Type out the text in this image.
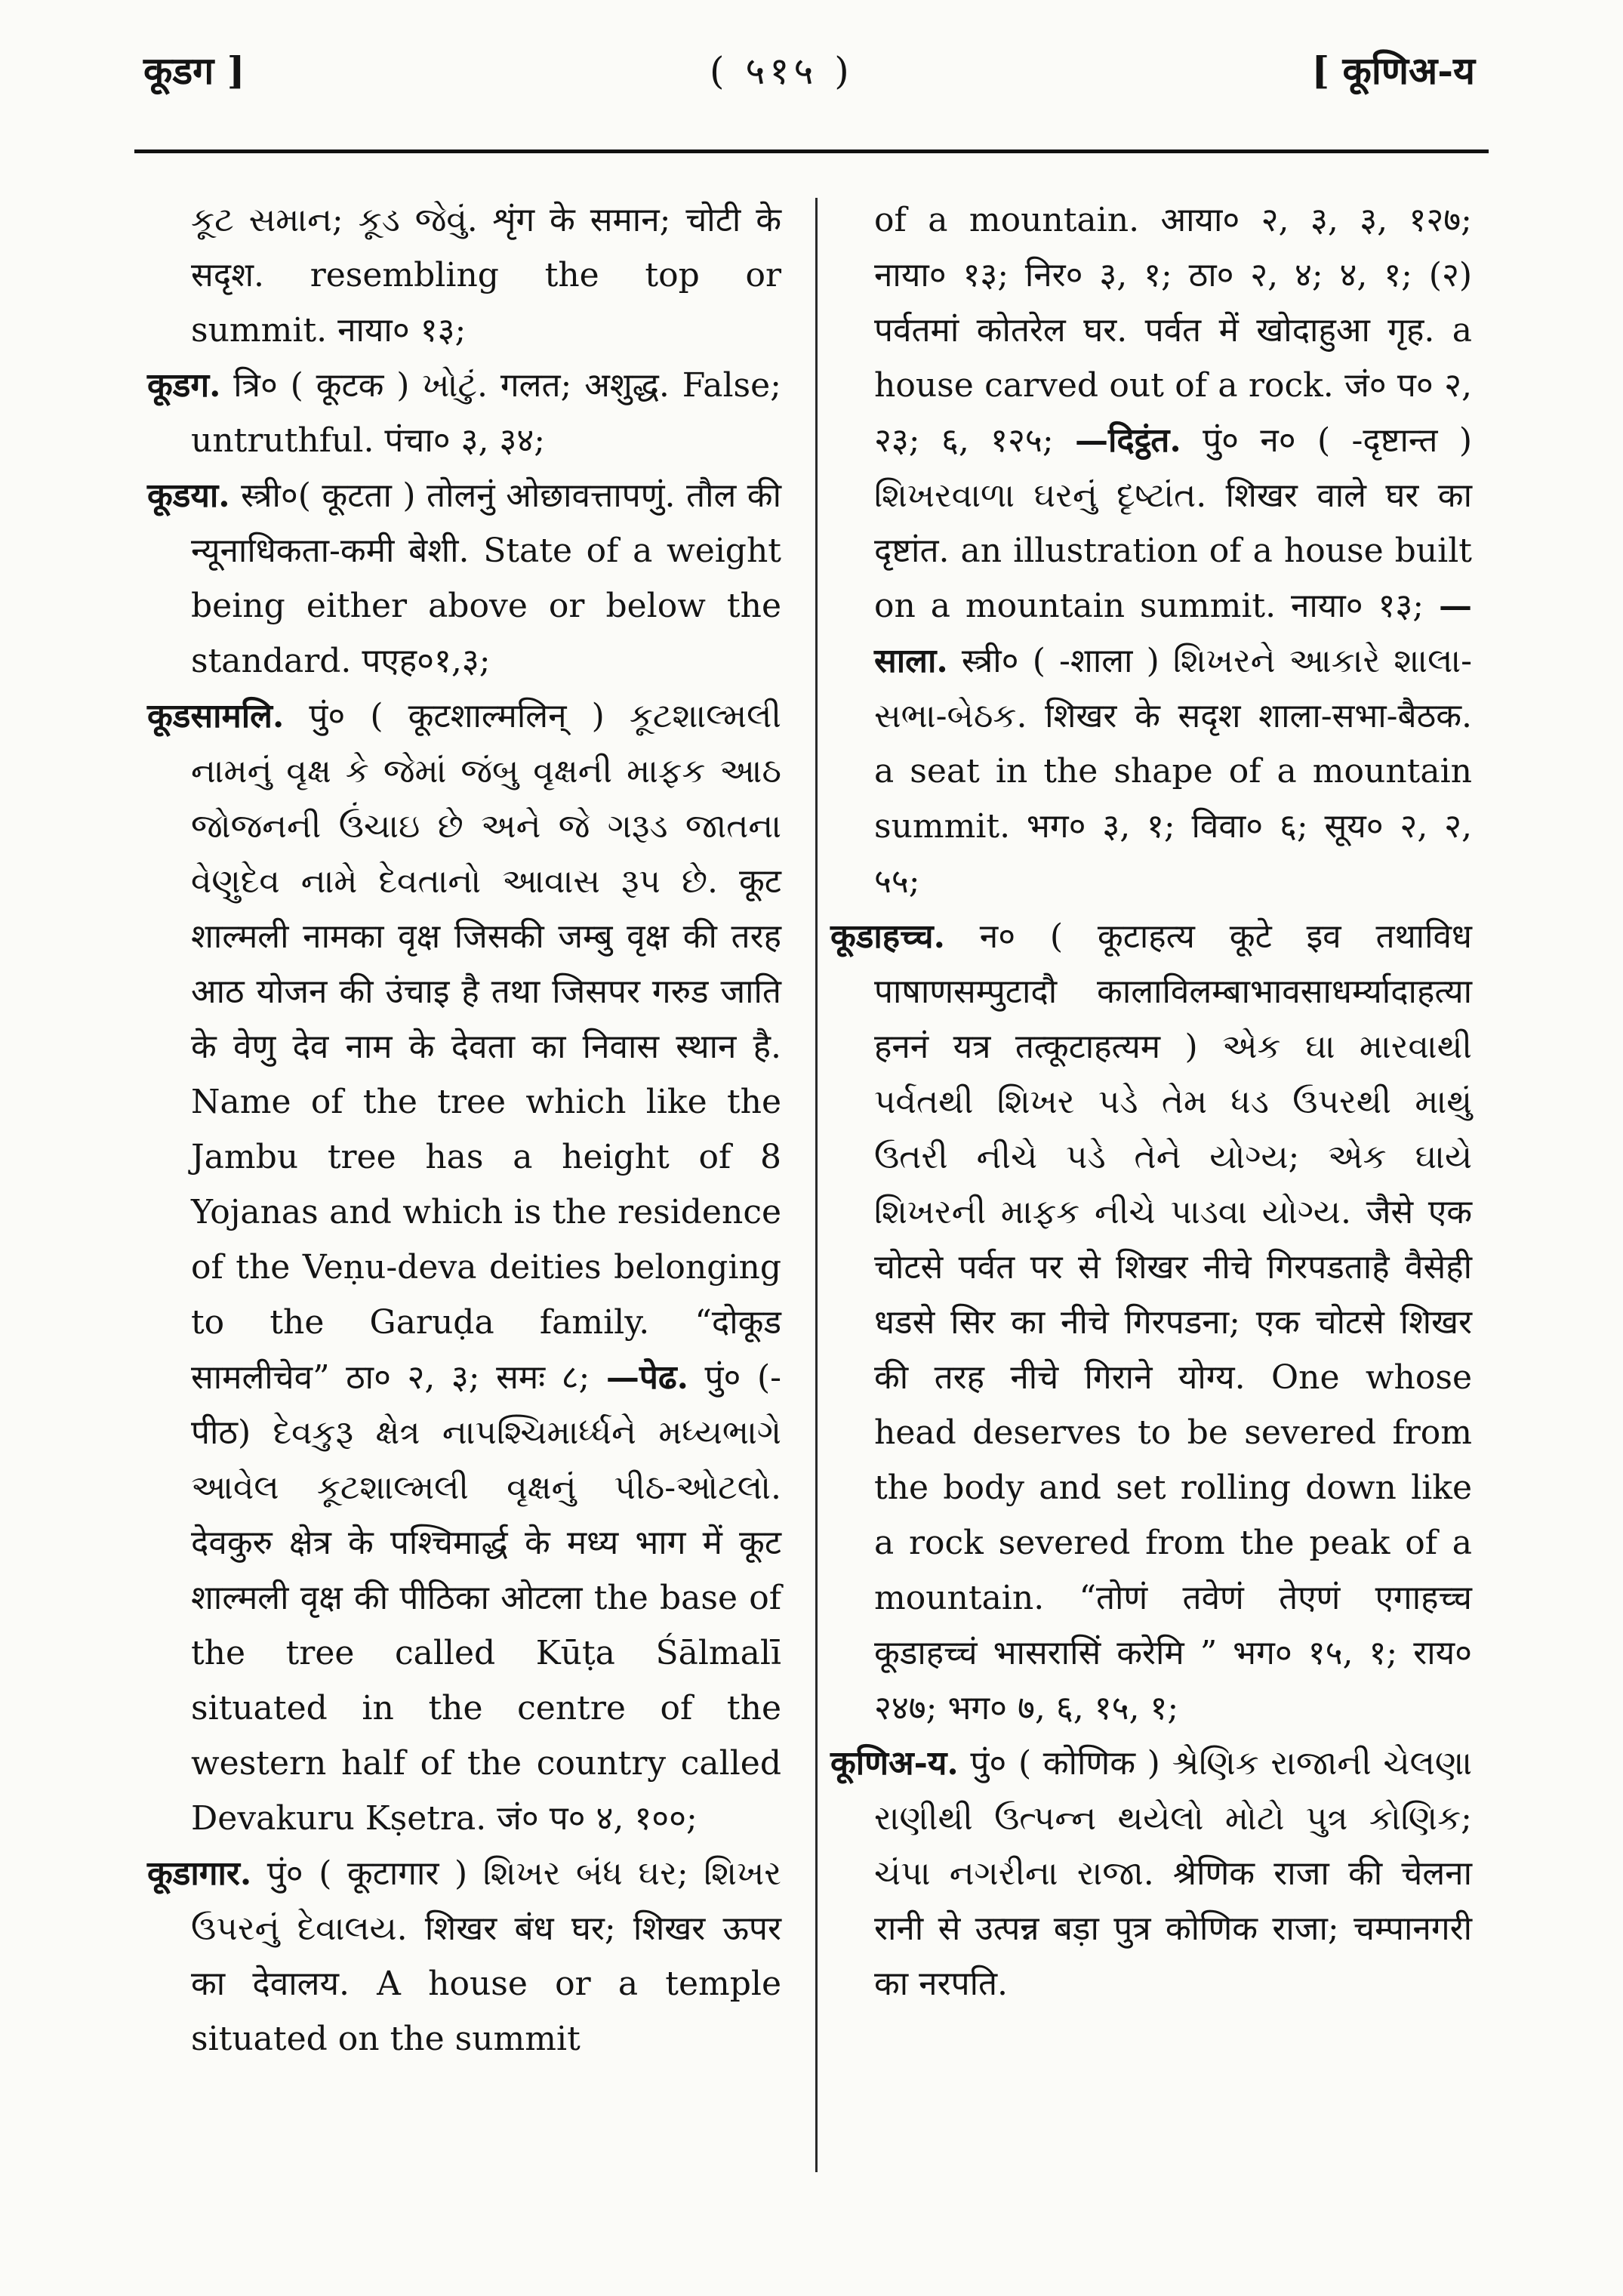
कूडग ]	( ५१५ )	[ कूणिअ-य

કૂટ સમાન; કૂડ જેવું. शृंग के समान; चोटी के सदृश. resembling the top or summit. नाया० १३;

कूडग. त्रि० ( कूटक ) ખોટું. गलत; अशुद्ध. False; untruthful. पंचा० ३, ३४;

कूडया. स्त्री०( कूटता ) तोलनुं ओछावत्तापणुं. तौल की न्यूनाधिकता-कमी बेशी. State of a weight being either above or below the standard. पएह०१,३;

कूडसामलि. पुं० ( कूटशाल्मलिन् ) કૂટશાલ્મલી નામનું વૃક્ષ કે જેમાં જંબુ વૃક્ષની માફક આઠ જોજનની ઉંચાઇ છે અને જે ગરૂડ જાતના વેણુદેવ નામે દેવતાનો આવાસ રૂપ છે. कूट शाल्मली नामका वृक्ष जिसकी जम्बु वृक्ष की तरह आठ योजन की उंचाइ है तथा जिसपर गरुड जाति के वेणु देव नाम के देवता का निवास स्थान है. Name of the tree which like the Jambu tree has a height of 8 Yojanas and which is the residence of the Veṇu-deva deities belonging to the Garuḍa family. “दोकूड सामलीचेव” ठा० २, ३; समः ८; —पेढ. पुं० (-पीठ) દેવકુરૂ ક્ષેત્ર નાપશ્ચિમાર્ધ્ધને મધ્યભાગે આવેલ કૂટશાલ્મલી વૃક્ષનું પીઠ-ઓટલો. देवकुरु क्षेत्र के पश्चिमार्द्ध के मध्य भाग में कूट शाल्मली वृक्ष की पीठिका ओटला the base of the tree called Kūṭa Śālmalī situated in the centre of the western half of the country called Devakuru Kṣetra. जं० प० ४, १००;

कूडागार. पुं० ( कूटागार ) શિખર બંધ ઘર; શિખર ઉપરનું દેવાલય. शिखर बंध घर; शिखर ऊपर का देवालय. A house or a temple situated on the summit

of a mountain. आया० २, ३, ३, १२७; नाया० १३; निर० ३, १; ठा० २, ४; ४, १; (२) पर्वतमां कोतरेल घर. पर्वत में खोदाहुआ गृह. a house carved out of a rock. जं० प० २, २३; ६, १२५; —दिट्ठंत. पुं० न० ( -दृष्टान्त ) શિખરવાળા ઘરનું દૃષ્ટાંત. शिखर वाले घर का दृष्टांत. an illustration of a house built on a mountain summit. नाया० १३; —साला. स्त्री० ( -शाला ) શિખરને આકારે શાલા-સભા-બેઠક. शिखर के सदृश शाला-सभा-बैठक. a seat in the shape of a mountain summit. भग० ३, १; विवा० ६; सूय० २, २, ५५;

कूडाहच्च. न० ( कूटाहत्य कूटे इव तथाविध पाषाणसम्पुटादौ कालाविलम्बाभावसाधर्म्यादाहत्या हननं यत्र तत्कूटाहत्यम ) એક ઘા મારવાથી પર્વતથી શિખર પડે તેમ ધડ ઉપરથી માથું ઉતરી નીચે પડે તેને યોગ્ય; એક ઘાયે શિખરની માફક નીચે પાડવા યોગ્ય. जैसे एक चोटसे पर्वत पर से शिखर नीचे गिरपडताहै वैसेही धडसे सिर का नीचे गिरपडना; एक चोटसे शिखर की तरह नीचे गिराने योग्य. One whose head deserves to be severed from the body and set rolling down like a rock severed from the peak of a mountain. “तोणं तवेणं तेएणं एगाहच्च कूडाहच्चं भासरासिं करेमि ” भग० १५, १; राय० २४७; भग० ७, ६, १५, १;

कूणिअ-य. पुं० ( कोणिक ) શ્રેણિક રાજાની ચેલણા રાણીથી ઉત્પન્ન થયેલો મોટો પુત્ર કોણિક; ચંપા નગરીના રાજા. श्रेणिक राजा की चेलना रानी से उत्पन्न बड़ा पुत्र कोणिक राजा; चम्पानगरी का नरपति.
